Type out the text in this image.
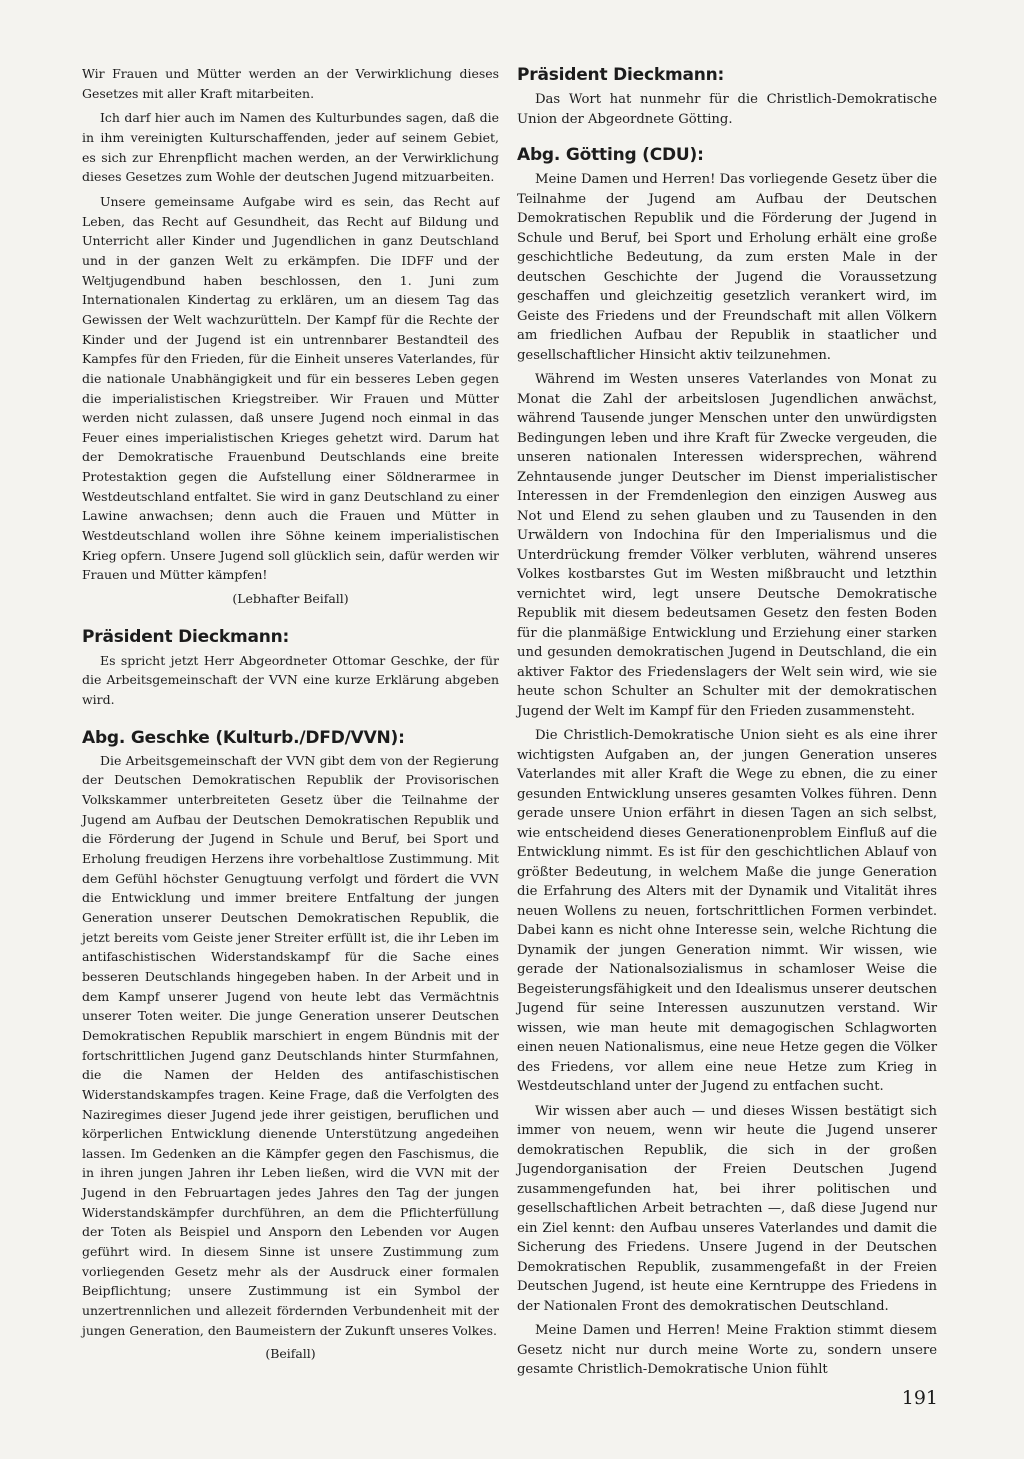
Wir Frauen und Mütter werden an der Verwirklichung dieses Gesetzes mit aller Kraft mitarbeiten.

Ich darf hier auch im Namen des Kulturbundes sagen, daß die in ihm vereinigten Kulturschaffenden, jeder auf seinem Gebiet, es sich zur Ehrenpflicht machen werden, an der Verwirklichung dieses Gesetzes zum Wohle der deutschen Jugend mitzuarbeiten.

Unsere gemeinsame Aufgabe wird es sein, das Recht auf Leben, das Recht auf Gesundheit, das Recht auf Bildung und Unterricht aller Kinder und Jugendlichen in ganz Deutschland und in der ganzen Welt zu erkämpfen. Die IDFF und der Weltjugendbund haben beschlossen, den 1. Juni zum Internationalen Kindertag zu erklären, um an diesem Tag das Gewissen der Welt wachzurütteln. Der Kampf für die Rechte der Kinder und der Jugend ist ein untrennbarer Bestandteil des Kampfes für den Frieden, für die Einheit unseres Vaterlandes, für die nationale Unabhängigkeit und für ein besseres Leben gegen die imperialistischen Kriegstreiber. Wir Frauen und Mütter werden nicht zulassen, daß unsere Jugend noch einmal in das Feuer eines imperialistischen Krieges gehetzt wird. Darum hat der Demokratische Frauenbund Deutschlands eine breite Protestaktion gegen die Aufstellung einer Söldnerarmee in Westdeutschland entfaltet. Sie wird in ganz Deutschland zu einer Lawine anwachsen; denn auch die Frauen und Mütter in Westdeutschland wollen ihre Söhne keinem imperialistischen Krieg opfern. Unsere Jugend soll glücklich sein, dafür werden wir Frauen und Mütter kämpfen!

(Lebhafter Beifall)

Präsident Dieckmann:

Es spricht jetzt Herr Abgeordneter Ottomar Geschke, der für die Arbeitsgemeinschaft der VVN eine kurze Erklärung abgeben wird.

Abg. Geschke (Kulturb./DFD/VVN):

Die Arbeitsgemeinschaft der VVN gibt dem von der Regierung der Deutschen Demokratischen Republik der Provisorischen Volkskammer unterbreiteten Gesetz über die Teilnahme der Jugend am Aufbau der Deutschen Demokratischen Republik und die Förderung der Jugend in Schule und Beruf, bei Sport und Erholung freudigen Herzens ihre vorbehaltlose Zustimmung. Mit dem Gefühl höchster Genugtuung verfolgt und fördert die VVN die Entwicklung und immer breitere Entfaltung der jungen Generation unserer Deutschen Demokratischen Republik, die jetzt bereits vom Geiste jener Streiter erfüllt ist, die ihr Leben im antifaschistischen Widerstandskampf für die Sache eines besseren Deutschlands hingegeben haben. In der Arbeit und in dem Kampf unserer Jugend von heute lebt das Vermächtnis unserer Toten weiter. Die junge Generation unserer Deutschen Demokratischen Republik marschiert in engem Bündnis mit der fortschrittlichen Jugend ganz Deutschlands hinter Sturmfahnen, die die Namen der Helden des antifaschistischen Widerstandskampfes tragen. Keine Frage, daß die Verfolgten des Naziregimes dieser Jugend jede ihrer geistigen, beruflichen und körperlichen Entwicklung dienende Unterstützung angedeihen lassen. Im Gedenken an die Kämpfer gegen den Faschismus, die in ihren jungen Jahren ihr Leben ließen, wird die VVN mit der Jugend in den Februartagen jedes Jahres den Tag der jungen Widerstandskämpfer durchführen, an dem die Pflichterfüllung der Toten als Beispiel und Ansporn den Lebenden vor Augen geführt wird. In diesem Sinne ist unsere Zustimmung zum vorliegenden Gesetz mehr als der Ausdruck einer formalen Beipflichtung; unsere Zustimmung ist ein Symbol der unzertrennlichen und allezeit fördernden Verbundenheit mit der jungen Generation, den Baumeistern der Zukunft unseres Volkes.

(Beifall)

Präsident Dieckmann:

Das Wort hat nunmehr für die Christlich-Demokratische Union der Abgeordnete Götting.

Abg. Götting (CDU):

Meine Damen und Herren! Das vorliegende Gesetz über die Teilnahme der Jugend am Aufbau der Deutschen Demokratischen Republik und die Förderung der Jugend in Schule und Beruf, bei Sport und Erholung erhält eine große geschichtliche Bedeutung, da zum ersten Male in der deutschen Geschichte der Jugend die Voraussetzung geschaffen und gleichzeitig gesetzlich verankert wird, im Geiste des Friedens und der Freundschaft mit allen Völkern am friedlichen Aufbau der Republik in staatlicher und gesellschaftlicher Hinsicht aktiv teilzunehmen.

Während im Westen unseres Vaterlandes von Monat zu Monat die Zahl der arbeitslosen Jugendlichen anwächst, während Tausende junger Menschen unter den unwürdigsten Bedingungen leben und ihre Kraft für Zwecke vergeuden, die unseren nationalen Interessen widersprechen, während Zehntausende junger Deutscher im Dienst imperialistischer Interessen in der Fremdenlegion den einzigen Ausweg aus Not und Elend zu sehen glauben und zu Tausenden in den Urwäldern von Indochina für den Imperialismus und die Unterdrückung fremder Völker verbluten, während unseres Volkes kostbarstes Gut im Westen mißbraucht und letzthin vernichtet wird, legt unsere Deutsche Demokratische Republik mit diesem bedeutsamen Gesetz den festen Boden für die planmäßige Entwicklung und Erziehung einer starken und gesunden demokratischen Jugend in Deutschland, die ein aktiver Faktor des Friedenslagers der Welt sein wird, wie sie heute schon Schulter an Schulter mit der demokratischen Jugend der Welt im Kampf für den Frieden zusammensteht.

Die Christlich-Demokratische Union sieht es als eine ihrer wichtigsten Aufgaben an, der jungen Generation unseres Vaterlandes mit aller Kraft die Wege zu ebnen, die zu einer gesunden Entwicklung unseres gesamten Volkes führen. Denn gerade unsere Union erfährt in diesen Tagen an sich selbst, wie entscheidend dieses Generationenproblem Einfluß auf die Entwicklung nimmt. Es ist für den geschichtlichen Ablauf von größter Bedeutung, in welchem Maße die junge Generation die Erfahrung des Alters mit der Dynamik und Vitalität ihres neuen Wollens zu neuen, fortschrittlichen Formen verbindet. Dabei kann es nicht ohne Interesse sein, welche Richtung die Dynamik der jungen Generation nimmt. Wir wissen, wie gerade der Nationalsozialismus in schamloser Weise die Begeisterungsfähigkeit und den Idealismus unserer deutschen Jugend für seine Interessen auszunutzen verstand. Wir wissen, wie man heute mit demagogischen Schlagworten einen neuen Nationalismus, eine neue Hetze gegen die Völker des Friedens, vor allem eine neue Hetze zum Krieg in Westdeutschland unter der Jugend zu entfachen sucht.

Wir wissen aber auch — und dieses Wissen bestätigt sich immer von neuem, wenn wir heute die Jugend unserer demokratischen Republik, die sich in der großen Jugendorganisation der Freien Deutschen Jugend zusammengefunden hat, bei ihrer politischen und gesellschaftlichen Arbeit betrachten —, daß diese Jugend nur ein Ziel kennt: den Aufbau unseres Vaterlandes und damit die Sicherung des Friedens. Unsere Jugend in der Deutschen Demokratischen Republik, zusammengefaßt in der Freien Deutschen Jugend, ist heute eine Kerntruppe des Friedens in der Nationalen Front des demokratischen Deutschland.

Meine Damen und Herren! Meine Fraktion stimmt diesem Gesetz nicht nur durch meine Worte zu, sondern unsere gesamte Christlich-Demokratische Union fühlt

191
